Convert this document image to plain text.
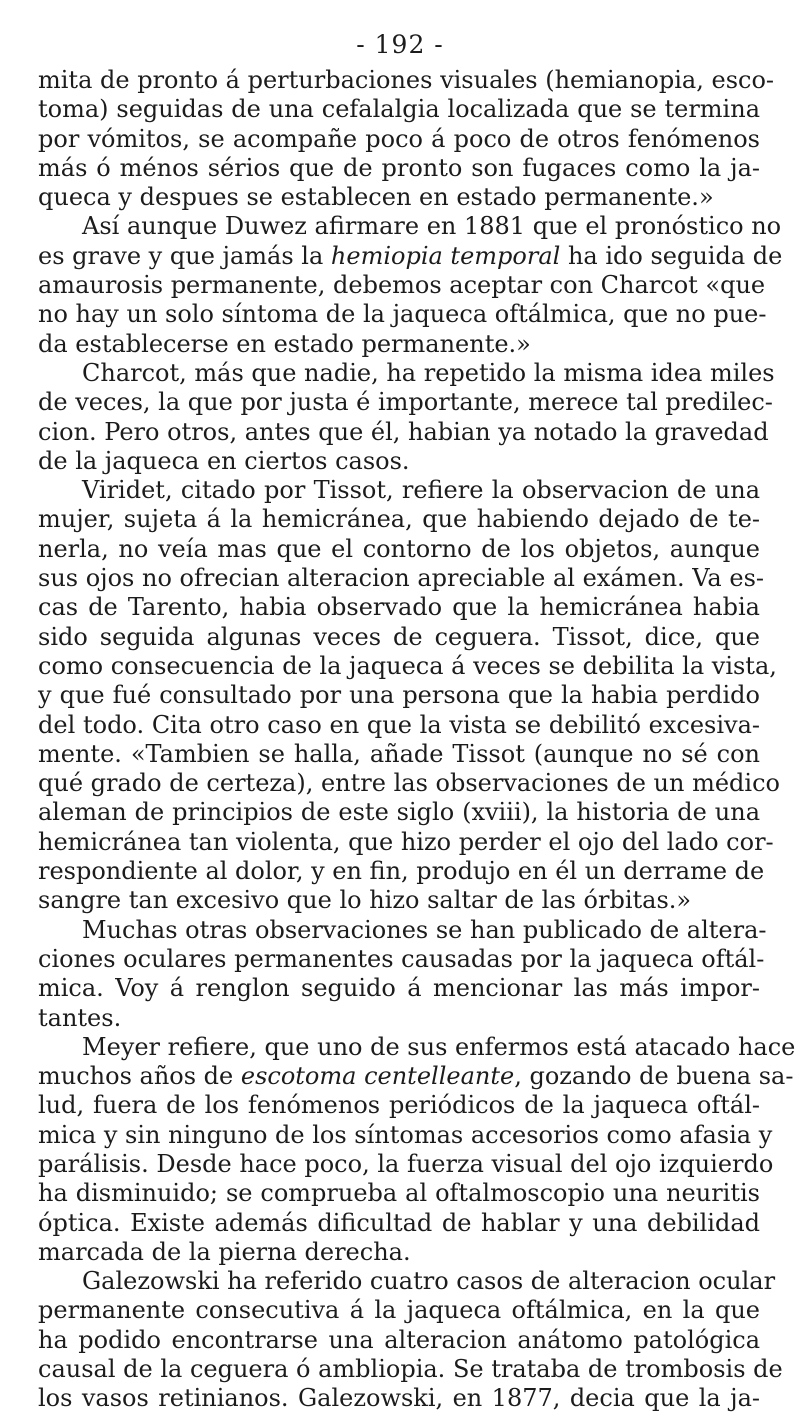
- 192 -
mita de pronto á perturbaciones visuales (hemianopia, esco-
toma) seguidas de una cefalalgia localizada que se termina
por vómitos, se acompañe poco á poco de otros fenómenos
más ó ménos sérios que de pronto son fugaces como la ja-
queca y despues se establecen en estado permanente.»
Así aunque Duwez afirmare en 1881 que el pronóstico no
es grave y que jamás la hemiopia temporal ha ido seguida de
amaurosis permanente, debemos aceptar con Charcot «que
no hay un solo síntoma de la jaqueca oftálmica, que no pue-
da establecerse en estado permanente.»
Charcot, más que nadie, ha repetido la misma idea miles
de veces, la que por justa é importante, merece tal predilec-
cion. Pero otros, antes que él, habian ya notado la gravedad
de la jaqueca en ciertos casos.
Viridet, citado por Tissot, refiere la observacion de una
mujer, sujeta á la hemicránea, que habiendo dejado de te-
nerla, no veía mas que el contorno de los objetos, aunque
sus ojos no ofrecian alteracion apreciable al exámen. Va es-
cas de Tarento, habia observado que la hemicránea habia
sido seguida algunas veces de ceguera. Tissot, dice, que
como consecuencia de la jaqueca á veces se debilita la vista,
y que fué consultado por una persona que la habia perdido
del todo. Cita otro caso en que la vista se debilitó excesiva-
mente. «Tambien se halla, añade Tissot (aunque no sé con
qué grado de certeza), entre las observaciones de un médico
aleman de principios de este siglo (xviii), la historia de una
hemicránea tan violenta, que hizo perder el ojo del lado cor-
respondiente al dolor, y en fin, produjo en él un derrame de
sangre tan excesivo que lo hizo saltar de las órbitas.»
Muchas otras observaciones se han publicado de altera-
ciones oculares permanentes causadas por la jaqueca oftál-
mica. Voy á renglon seguido á mencionar las más impor-
tantes.
Meyer refiere, que uno de sus enfermos está atacado hace
muchos años de escotoma centelleante, gozando de buena sa-
lud, fuera de los fenómenos periódicos de la jaqueca oftál-
mica y sin ninguno de los síntomas accesorios como afasia y
parálisis. Desde hace poco, la fuerza visual del ojo izquierdo
ha disminuido; se comprueba al oftalmoscopio una neuritis
óptica. Existe además dificultad de hablar y una debilidad
marcada de la pierna derecha.
Galezowski ha referido cuatro casos de alteracion ocular
permanente consecutiva á la jaqueca oftálmica, en la que
ha podido encontrarse una alteracion anátomo patológica
causal de la ceguera ó ambliopia. Se trataba de trombosis de
los vasos retinianos. Galezowski, en 1877, decia que la ja-
